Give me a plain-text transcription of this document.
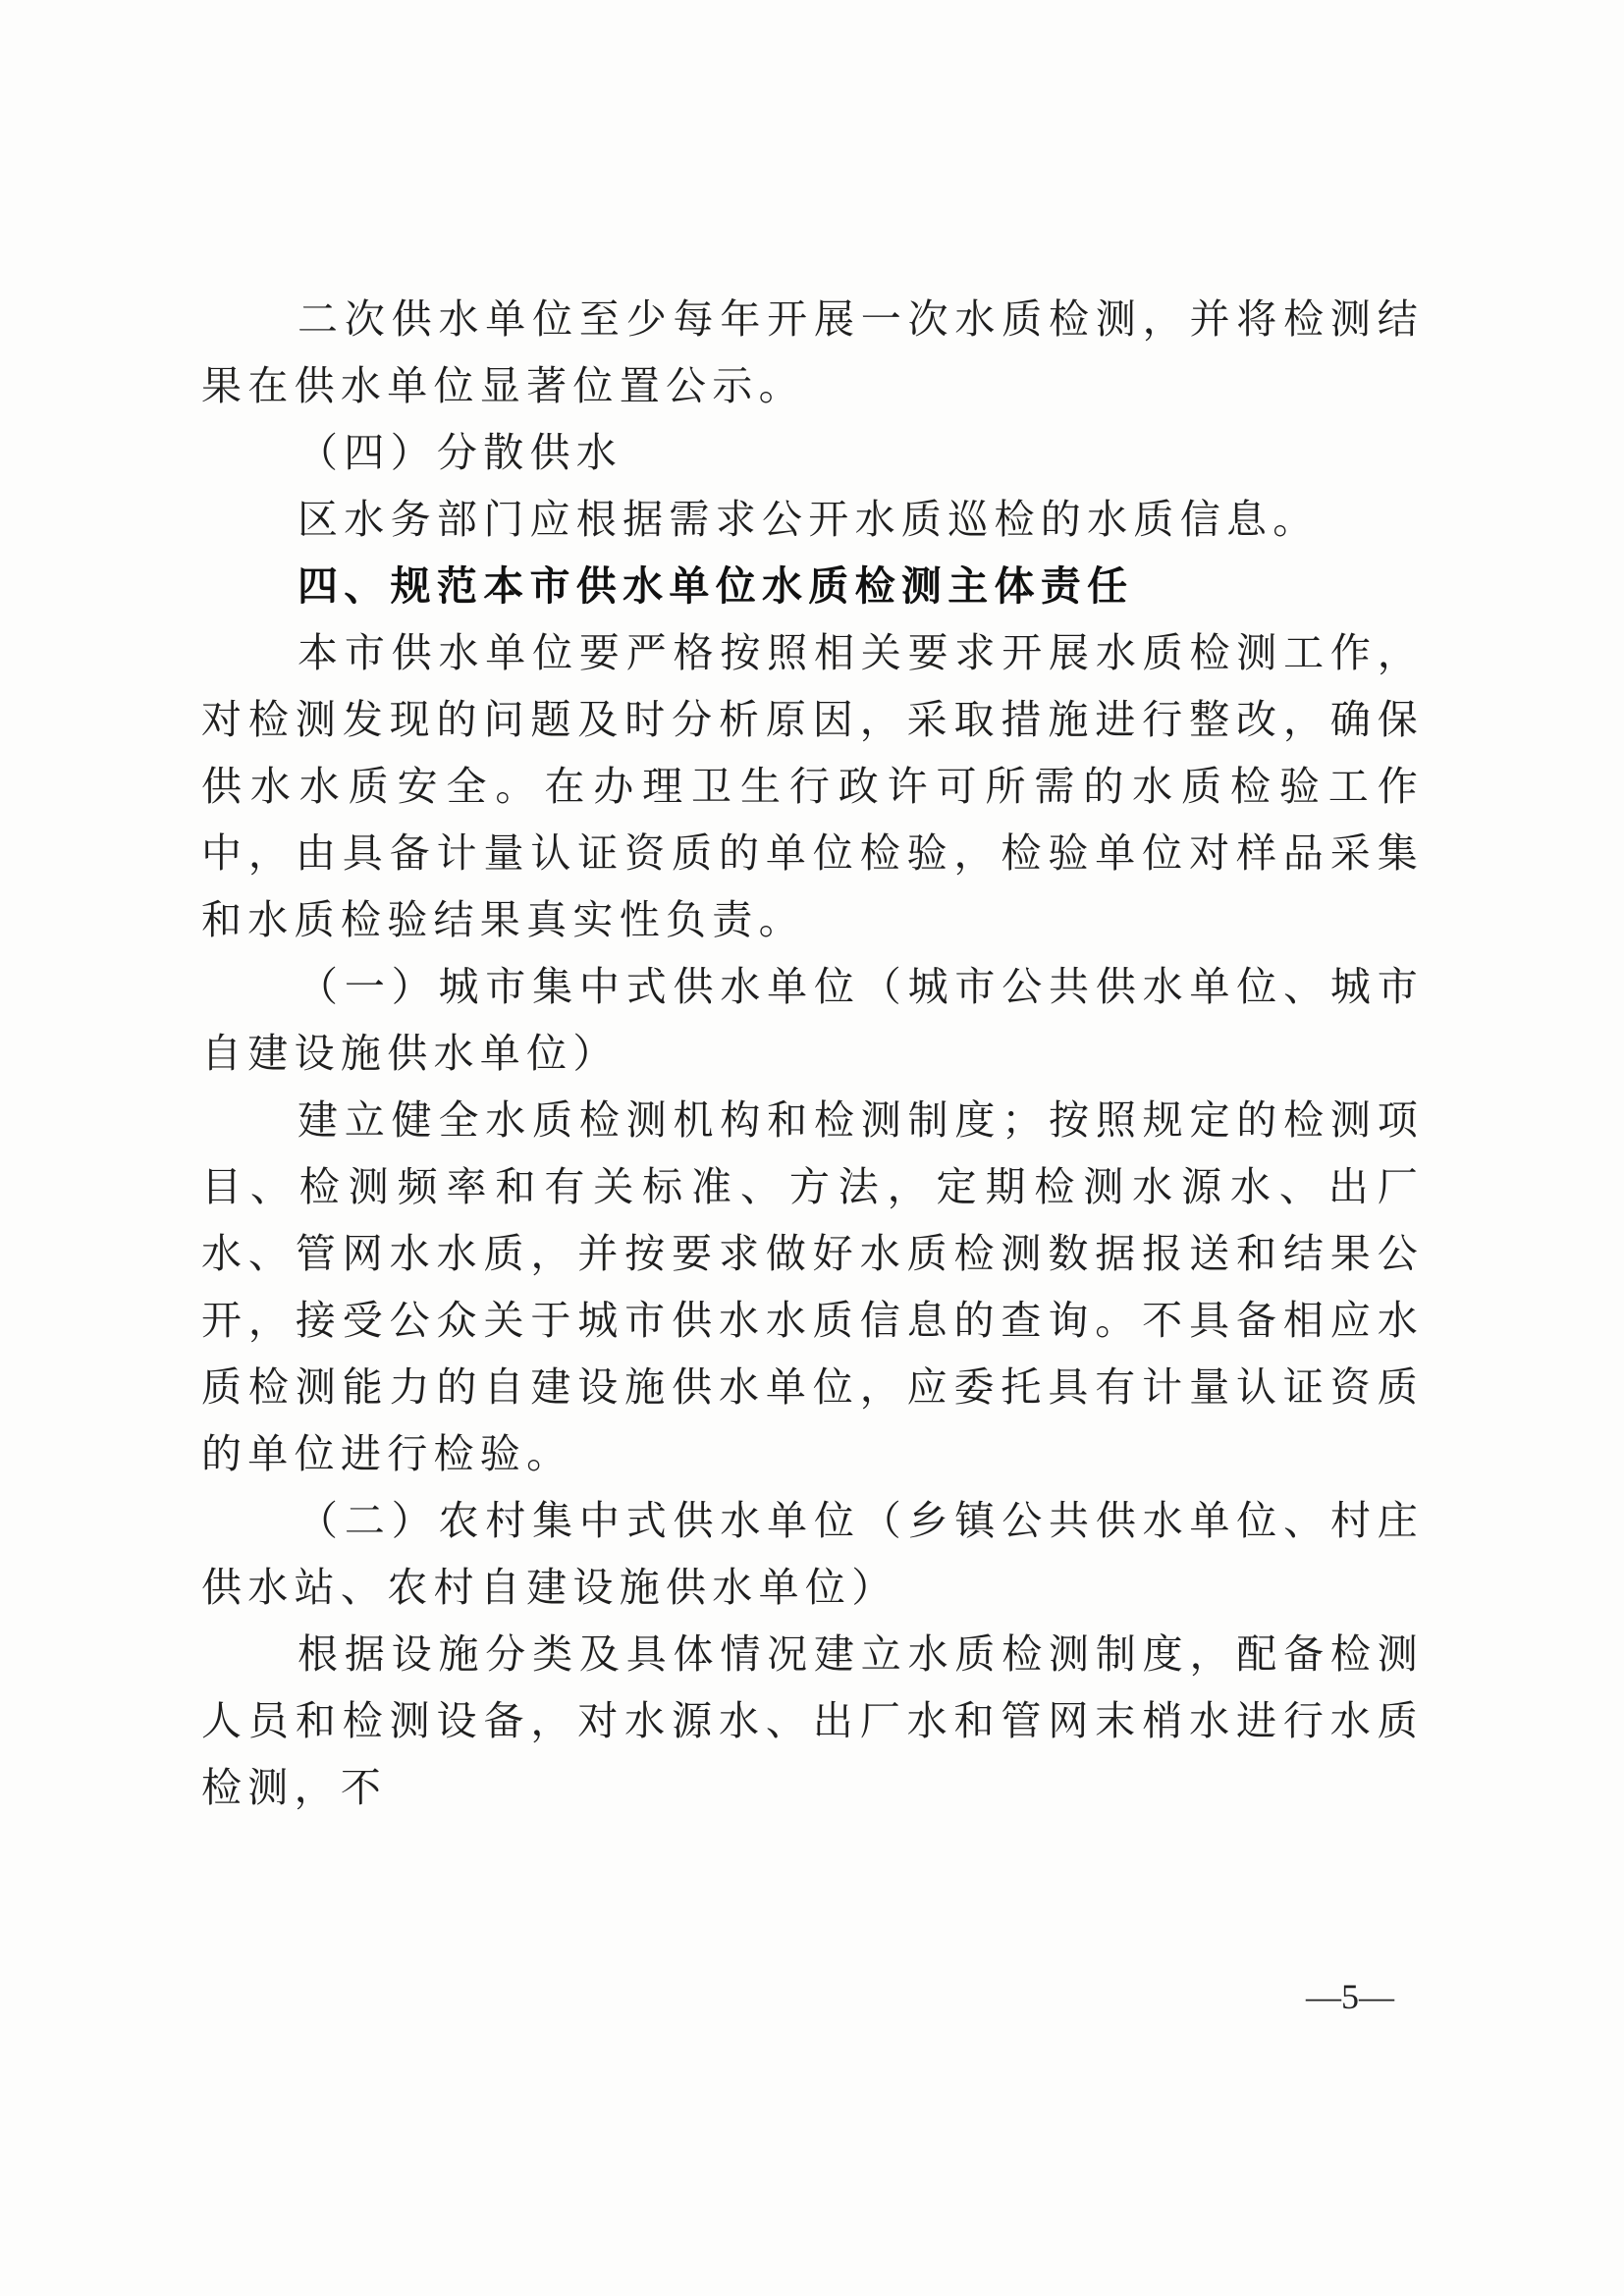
二次供水单位至少每年开展一次水质检测，并将检测结果在供水单位显著位置公示。

（四）分散供水

区水务部门应根据需求公开水质巡检的水质信息。

四、规范本市供水单位水质检测主体责任

本市供水单位要严格按照相关要求开展水质检测工作，对检测发现的问题及时分析原因，采取措施进行整改，确保供水水质安全。在办理卫生行政许可所需的水质检验工作中，由具备计量认证资质的单位检验，检验单位对样品采集和水质检验结果真实性负责。

（一）城市集中式供水单位（城市公共供水单位、城市自建设施供水单位）

建立健全水质检测机构和检测制度；按照规定的检测项目、检测频率和有关标准、方法，定期检测水源水、出厂水、管网水水质，并按要求做好水质检测数据报送和结果公开，接受公众关于城市供水水质信息的查询。不具备相应水质检测能力的自建设施供水单位，应委托具有计量认证资质的单位进行检验。

（二）农村集中式供水单位（乡镇公共供水单位、村庄供水站、农村自建设施供水单位）

根据设施分类及具体情况建立水质检测制度，配备检测人员和检测设备，对水源水、出厂水和管网末梢水进行水质检测，不

—5—
